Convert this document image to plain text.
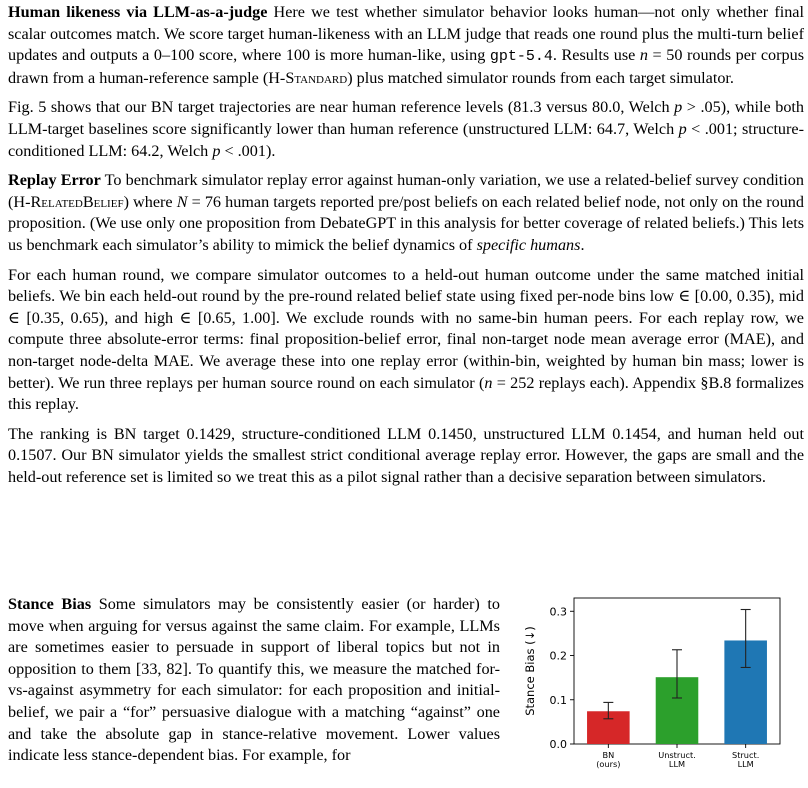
Human likeness via LLM-as-a-judge Here we test whether simulator behavior looks human—not only whether final scalar outcomes match. We score target human-likeness with an LLM judge that reads one round plus the multi-turn belief updates and outputs a 0–100 score, where 100 is more human-like, using gpt-5.4. Results use n = 50 rounds per corpus drawn from a human-reference sample (H-Standard) plus matched simulator rounds from each target simulator.

Fig. 5 shows that our BN target trajectories are near human reference levels (81.3 versus 80.0, Welch p > .05), while both LLM-target baselines score significantly lower than human reference (unstructured LLM: 64.7, Welch p < .001; structure-conditioned LLM: 64.2, Welch p < .001).

Replay Error To benchmark simulator replay error against human-only variation, we use a related-belief survey condition (H-RelatedBelief) where N = 76 human targets reported pre/post beliefs on each related belief node, not only on the round proposition. (We use only one proposition from DebateGPT in this analysis for better coverage of related beliefs.) This lets us benchmark each simulator’s ability to mimick the belief dynamics of specific humans.

For each human round, we compare simulator outcomes to a held-out human outcome under the same matched initial beliefs. We bin each held-out round by the pre-round related belief state using fixed per-node bins low ∈ [0.00, 0.35), mid ∈ [0.35, 0.65), and high ∈ [0.65, 1.00]. We exclude rounds with no same-bin human peers. For each replay row, we compute three absolute-error terms: final proposition-belief error, final non-target node mean average error (MAE), and non-target node-delta MAE. We average these into one replay error (within-bin, weighted by human bin mass; lower is better). We run three replays per human source round on each simulator (n = 252 replays each). Appendix §B.8 formalizes this replay.

The ranking is BN target 0.1429, structure-conditioned LLM 0.1450, unstructured LLM 0.1454, and human held out 0.1507. Our BN simulator yields the smallest strict conditional average replay error. However, the gaps are small and the held-out reference set is limited so we treat this as a pilot signal rather than a decisive separation between simulators.

Stance Bias Some simulators may be consistently easier (or harder) to move when arguing for versus against the same claim. For example, LLMs are sometimes easier to persuade in support of liberal topics but not in opposition to them [33, 82]. To quantify this, we measure the matched for-vs-against asymmetry for each simulator: for each proposition and initial-belief, we pair a “for” persuasive dialogue with a matching “against” one and take the absolute gap in stance-relative movement. Lower values indicate less stance-dependent bias. For example, for
0.0
0.1
0.2
0.3
Stance Bias (↓)
BN
(ours)
Unstruct.
LLM
Struct.
LLM
